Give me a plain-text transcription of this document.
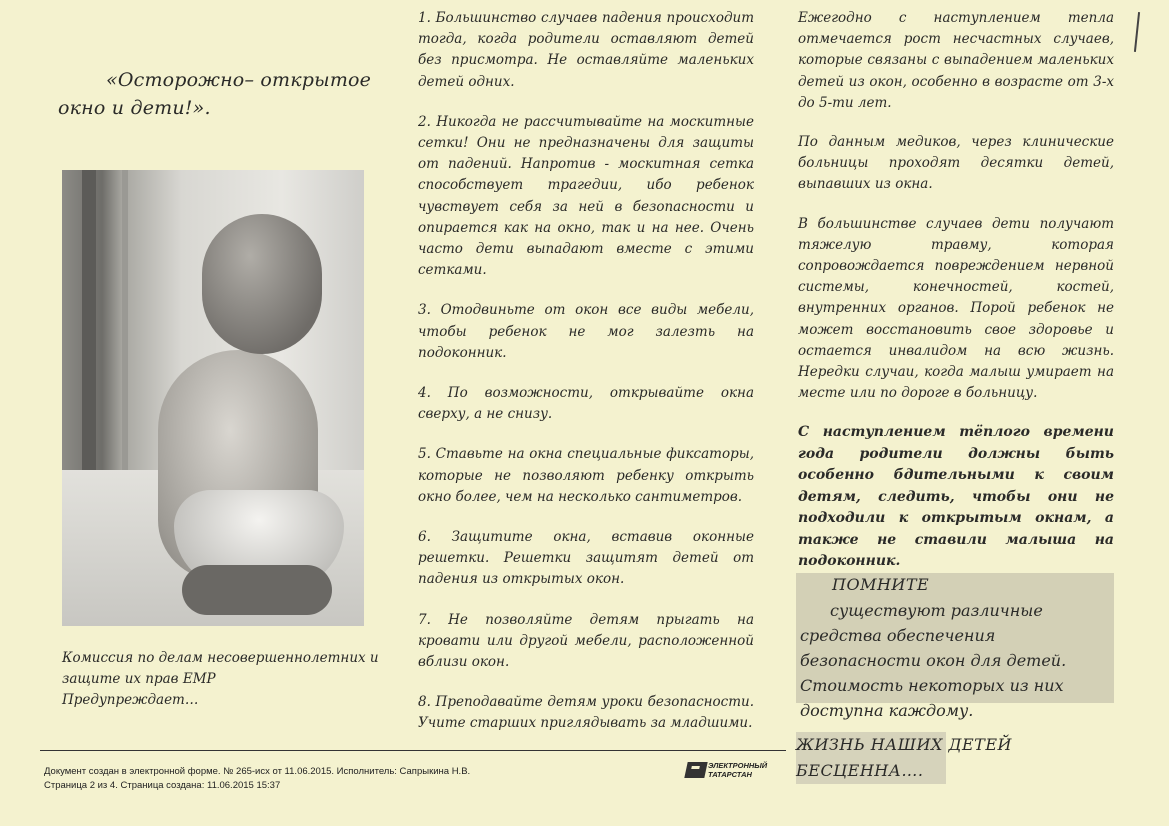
«Осторожно– открытое окно и дети!».

Комиссия по делам несовершеннолетних и
защите их прав ЕМР
Предупреждает…

1. Большинство случаев падения происходит тогда, когда родители оставляют детей без присмотра. Не оставляйте маленьких детей одних.

2. Никогда не рассчитывайте на москитные сетки! Они не предназначены для защиты от падений. Напротив - москитная сетка способствует трагедии, ибо ребенок чувствует себя за ней в безопасности и опирается как на окно, так и на нее. Очень часто дети выпадают вместе с этими сетками.

3. Отодвиньте от окон все виды мебели, чтобы ребенок не мог залезть на подоконник.

4. По возможности, открывайте окна сверху, а не снизу.

5. Ставьте на окна специальные фиксаторы, которые не позволяют ребенку открыть окно более, чем на несколько сантиметров.

6. Защитите окна, вставив оконные решетки. Решетки защитят детей от падения из открытых окон.

7. Не позволяйте детям прыгать на кровати или другой мебели, расположенной вблизи окон.

8. Преподавайте детям уроки безопасности. Учите старших приглядывать за младшими.

Ежегодно с наступлением тепла отмечается рост несчастных случаев, которые связаны с выпадением маленьких детей из окон, особенно в возрасте от 3-х до 5-ти лет.

По данным медиков, через клинические больницы проходят десятки детей, выпавших из окна.

В большинстве случаев дети получают тяжелую травму, которая сопровождается повреждением нервной системы, конечностей, костей, внутренних органов. Порой ребенок не может восстановить свое здоровье и остается инвалидом на всю жизнь. Нередки случаи, когда малыш умирает на месте или по дороге в больницу.

С наступлением тёплого времени года родители должны быть особенно бдительными к своим детям, следить, чтобы они не подходили к открытым окнам, а также не ставили малыша на подоконник.

ПОМНИТЕ

существуют различные средства обеспечения безопасности окон для детей. Стоимость некоторых из них доступна каждому.

ЖИЗНЬ НАШИХ ДЕТЕЙ

БЕСЦЕННА….

Документ создан в электронной форме. № 265-исх от 11.06.2015. Исполнитель: Сапрыкина Н.В.
Страница 2 из 4. Страница создана: 11.06.2015 15:37
ЭЛЕКТРОННЫЙ
ТАТАРСТАН
